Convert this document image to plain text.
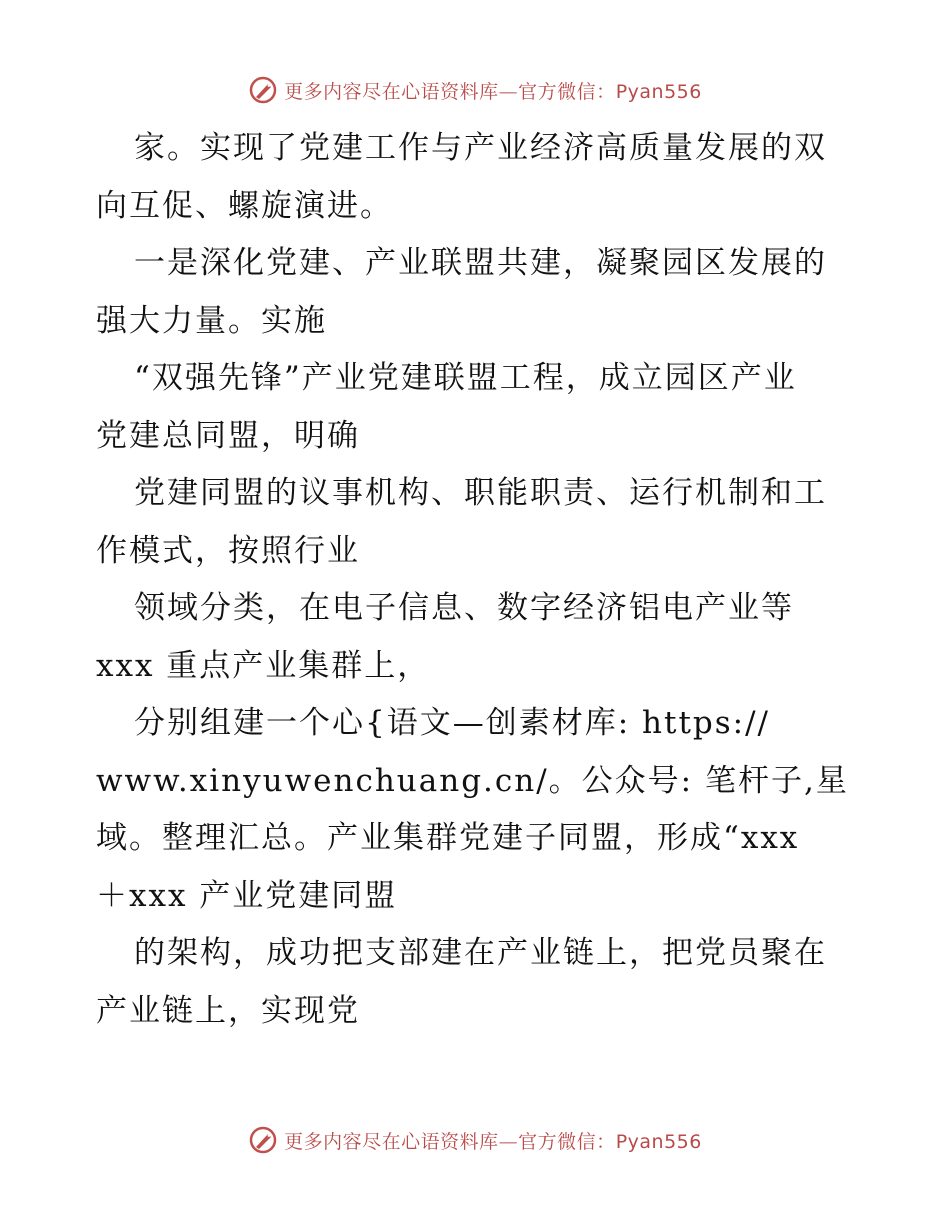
更多内容尽在心语资料库—官方微信：Pyan556
家。实现了党建工作与产业经济高质量发展的双
向互促、螺旋演进。
一是深化党建、产业联盟共建，凝聚园区发展的
强大力量。实施
“双强先锋”产业党建联盟工程，成立园区产业
党建总同盟，明确
党建同盟的议事机构、职能职责、运行机制和工
作模式，按照行业
领域分类，在电子信息、数字经济铝电产业等
xxx 重点产业集群上，
分别组建一个心{语文—创素材库: https://
www.xinyuwenchuang.cn/。公众号: 笔杆子,星
域。整理汇总。产业集群党建子同盟，形成“xxx
＋xxx 产业党建同盟
的架构，成功把支部建在产业链上，把党员聚在
产业链上，实现党
更多内容尽在心语资料库—官方微信：Pyan556
